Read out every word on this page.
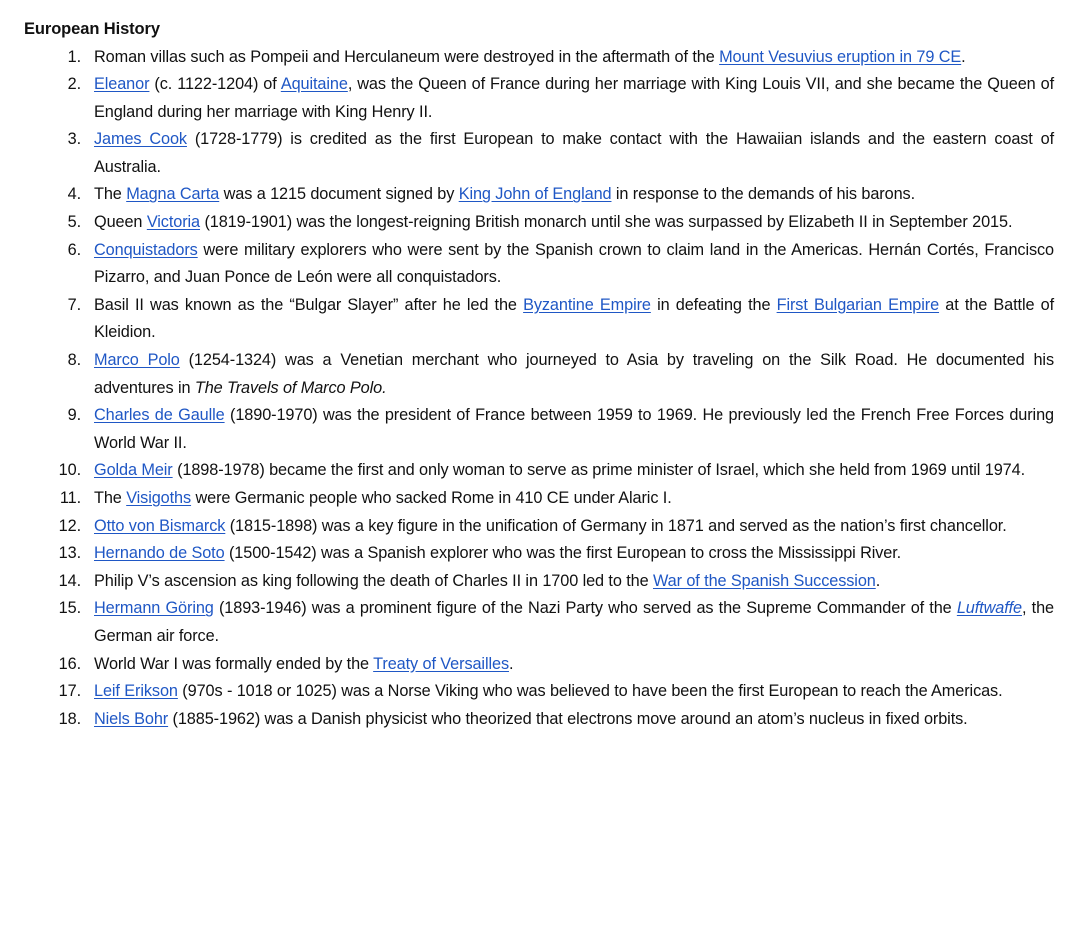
European History
1. Roman villas such as Pompeii and Herculaneum were destroyed in the aftermath of the Mount Vesuvius eruption in 79 CE.
2. Eleanor (c. 1122-1204) of Aquitaine, was the Queen of France during her marriage with King Louis VII, and she became the Queen of England during her marriage with King Henry II.
3. James Cook (1728-1779) is credited as the first European to make contact with the Hawaiian islands and the eastern coast of Australia.
4. The Magna Carta was a 1215 document signed by King John of England in response to the demands of his barons.
5. Queen Victoria (1819-1901) was the longest-reigning British monarch until she was surpassed by Elizabeth II in September 2015.
6. Conquistadors were military explorers who were sent by the Spanish crown to claim land in the Americas. Hernán Cortés, Francisco Pizarro, and Juan Ponce de León were all conquistadors.
7. Basil II was known as the “Bulgar Slayer” after he led the Byzantine Empire in defeating the First Bulgarian Empire at the Battle of Kleidion.
8. Marco Polo (1254-1324) was a Venetian merchant who journeyed to Asia by traveling on the Silk Road. He documented his adventures in The Travels of Marco Polo.
9. Charles de Gaulle (1890-1970) was the president of France between 1959 to 1969. He previously led the French Free Forces during World War II.
10. Golda Meir (1898-1978) became the first and only woman to serve as prime minister of Israel, which she held from 1969 until 1974.
11. The Visigoths were Germanic people who sacked Rome in 410 CE under Alaric I.
12. Otto von Bismarck (1815-1898) was a key figure in the unification of Germany in 1871 and served as the nation’s first chancellor.
13. Hernando de Soto (1500-1542) was a Spanish explorer who was the first European to cross the Mississippi River.
14. Philip V’s ascension as king following the death of Charles II in 1700 led to the War of the Spanish Succession.
15. Hermann Göring (1893-1946) was a prominent figure of the Nazi Party who served as the Supreme Commander of the Luftwaffe, the German air force.
16. World War I was formally ended by the Treaty of Versailles.
17. Leif Erikson (970s - 1018 or 1025) was a Norse Viking who was believed to have been the first European to reach the Americas.
18. Niels Bohr (1885-1962) was a Danish physicist who theorized that electrons move around an atom’s nucleus in fixed orbits.
